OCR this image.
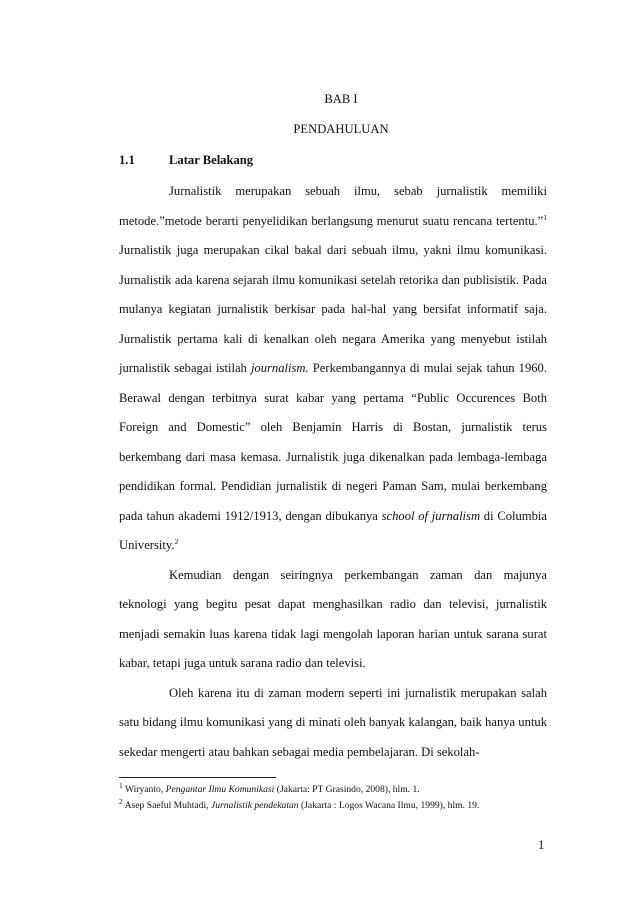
BAB I
PENDAHULUAN
1.1	Latar Belakang

Jurnalistik merupakan sebuah ilmu, sebab jurnalistik memiliki metode.”metode berarti penyelidikan berlangsung menurut suatu rencana tertentu.”$^1$ Jurnalistik juga merupakan cikal bakal dari sebuah ilmu, yakni ilmu komunikasi. Jurnalistik ada karena sejarah ilmu komunikasi setelah retorika dan publisistik. Pada mulanya kegiatan jurnalistik berkisar pada hal-hal yang bersifat informatif saja. Jurnalistik pertama kali di kenalkan oleh negara Amerika yang menyebut istilah jurnalistik sebagai istilah journalism. Perkembangannya di mulai sejak tahun 1960. Berawal dengan terbitnya surat kabar yang pertama “Public Occurences Both Foreign and Domestic” oleh Benjamin Harris di Bostan, jurnalistik terus berkembang dari masa kemasa. Jurnalistik juga dikenalkan pada lembaga-lembaga pendidikan formal. Pendidian jurnalistik di negeri Paman Sam, mulai berkembang pada tahun akademi 1912/1913, dengan dibukanya school of jurnalism di Columbia University.$^2$

Kemudian dengan seiringnya perkembangan zaman dan majunya teknologi yang begitu pesat dapat menghasilkan radio dan televisi, jurnalistik menjadi semakin luas karena tidak lagi mengolah laporan harian untuk sarana surat kabar, tetapi juga untuk sarana radio dan televisi.

Oleh karena itu di zaman modern seperti ini jurnalistik merupakan salah satu bidang ilmu komunikasi yang di minati oleh banyak kalangan, baik hanya untuk sekedar mengerti atau bahkan sebagai media pembelajaran. Di sekolah-

$^1$ Wiryanto, Pengantar Ilmu Komunikasi (Jakarta: PT Grasindo, 2008), hlm. 1.
$^2$ Asep Saeful Muhtadi, Jurnalistik pendekatan (Jakarta : Logos Wacana Ilmu, 1999), hlm. 19.
1
